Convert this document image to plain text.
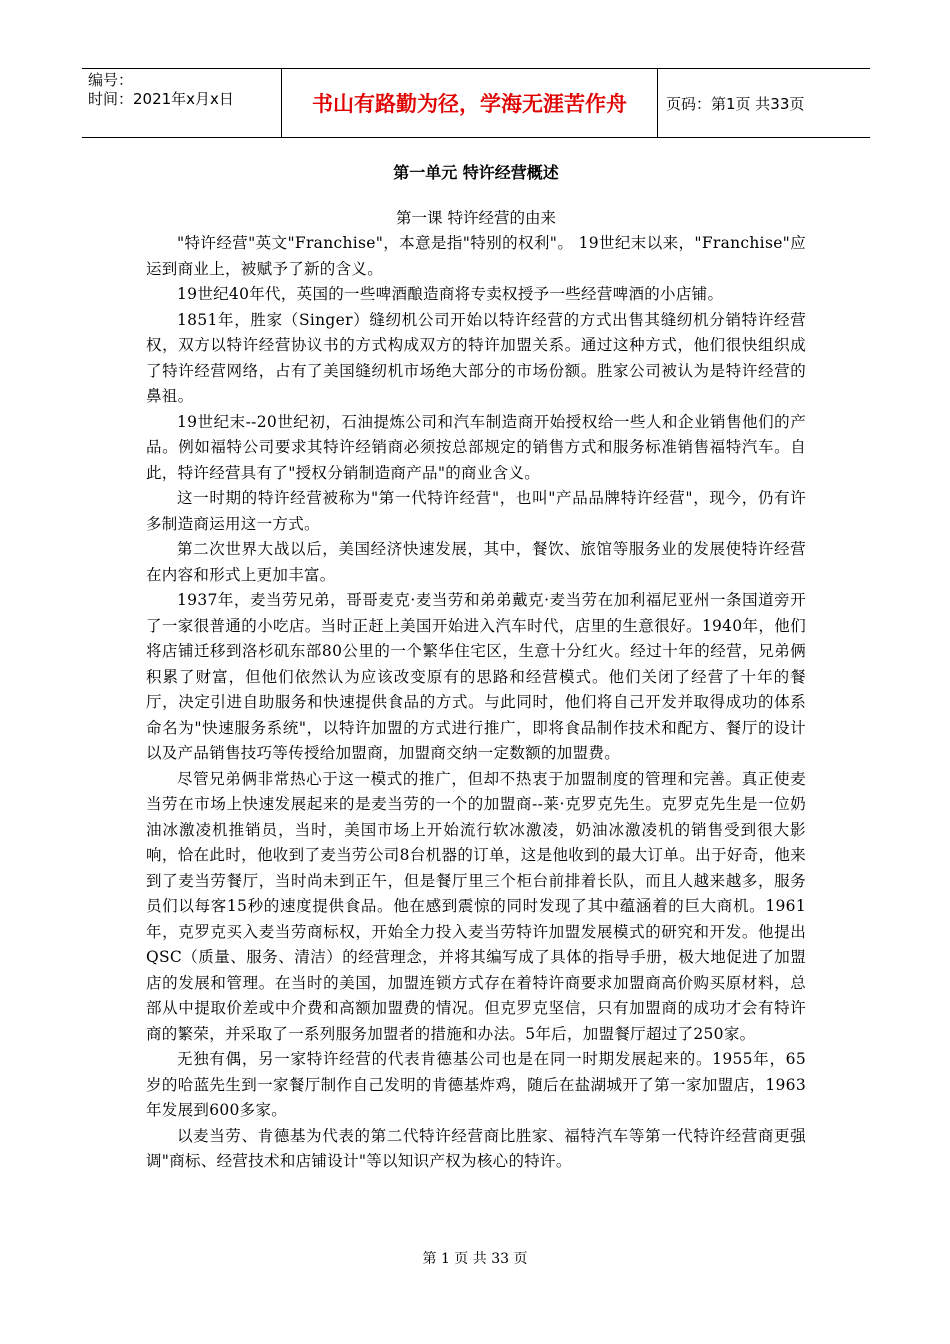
编号：
时间：2021年x月x日	书山有路勤为径，学海无涯苦作舟	页码：第1页 共33页
第一单元 特许经营概述

第一课 特许经营的由来

"特许经营"英文"Franchise"，本意是指"特别的权利"。 19世纪末以来，"Franchise"应运到商业上，被赋予了新的含义。

19世纪40年代，英国的一些啤酒酿造商将专卖权授予一些经营啤酒的小店铺。

1851年，胜家（Singer）缝纫机公司开始以特许经营的方式出售其缝纫机分销特许经营权，双方以特许经营协议书的方式构成双方的特许加盟关系。通过这种方式，他们很快组织成了特许经营网络，占有了美国缝纫机市场绝大部分的市场份额。胜家公司被认为是特许经营的鼻祖。

19世纪末--20世纪初，石油提炼公司和汽车制造商开始授权给一些人和企业销售他们的产品。例如福特公司要求其特许经销商必须按总部规定的销售方式和服务标准销售福特汽车。自此，特许经营具有了"授权分销制造商产品"的商业含义。

这一时期的特许经营被称为"第一代特许经营"，也叫"产品品牌特许经营"，现今，仍有许多制造商运用这一方式。

第二次世界大战以后，美国经济快速发展，其中，餐饮、旅馆等服务业的发展使特许经营在内容和形式上更加丰富。

1937年，麦当劳兄弟，哥哥麦克·麦当劳和弟弟戴克·麦当劳在加利福尼亚州一条国道旁开了一家很普通的小吃店。当时正赶上美国开始进入汽车时代，店里的生意很好。1940年，他们将店铺迁移到洛杉矶东部80公里的一个繁华住宅区，生意十分红火。经过十年的经营，兄弟俩积累了财富，但他们依然认为应该改变原有的思路和经营模式。他们关闭了经营了十年的餐厅，决定引进自助服务和快速提供食品的方式。与此同时，他们将自己开发并取得成功的体系命名为"快速服务系统"，以特许加盟的方式进行推广，即将食品制作技术和配方、餐厅的设计以及产品销售技巧等传授给加盟商，加盟商交纳一定数额的加盟费。

尽管兄弟俩非常热心于这一模式的推广，但却不热衷于加盟制度的管理和完善。真正使麦当劳在市场上快速发展起来的是麦当劳的一个的加盟商--莱·克罗克先生。克罗克先生是一位奶油冰激凌机推销员，当时，美国市场上开始流行软冰激凌，奶油冰激凌机的销售受到很大影响，恰在此时，他收到了麦当劳公司8台机器的订单，这是他收到的最大订单。出于好奇，他来到了麦当劳餐厅，当时尚未到正午，但是餐厅里三个柜台前排着长队，而且人越来越多，服务员们以每客15秒的速度提供食品。他在感到震惊的同时发现了其中蕴涵着的巨大商机。1961年，克罗克买入麦当劳商标权，开始全力投入麦当劳特许加盟发展模式的研究和开发。他提出QSC（质量、服务、清洁）的经营理念，并将其编写成了具体的指导手册，极大地促进了加盟店的发展和管理。在当时的美国，加盟连锁方式存在着特许商要求加盟商高价购买原材料，总部从中提取价差或中介费和高额加盟费的情况。但克罗克坚信，只有加盟商的成功才会有特许商的繁荣，并采取了一系列服务加盟者的措施和办法。5年后，加盟餐厅超过了250家。

无独有偶，另一家特许经营的代表肯德基公司也是在同一时期发展起来的。1955年，65岁的哈蓝先生到一家餐厅制作自己发明的肯德基炸鸡，随后在盐湖城开了第一家加盟店，1963年发展到600多家。

以麦当劳、肯德基为代表的第二代特许经营商比胜家、福特汽车等第一代特许经营商更强调"商标、经营技术和店铺设计"等以知识产权为核心的特许。

第 1 页 共 33 页
